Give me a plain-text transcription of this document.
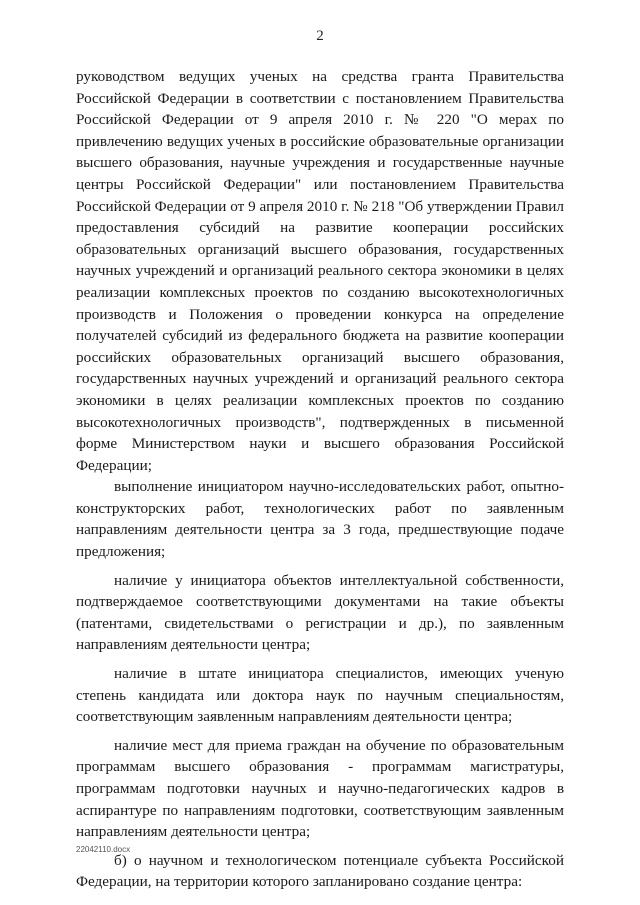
2

руководством ведущих ученых на средства гранта Правительства Российской Федерации в соответствии с постановлением Правительства Российской Федерации от 9 апреля 2010 г. № 220 "О мерах по привлечению ведущих ученых в российские образовательные организации высшего образования, научные учреждения и государственные научные центры Российской Федерации" или постановлением Правительства Российской Федерации от 9 апреля 2010 г. № 218 "Об утверждении Правил предоставления субсидий на развитие кооперации российских образовательных организаций высшего образования, государственных научных учреждений и организаций реального сектора экономики в целях реализации комплексных проектов по созданию высокотехнологичных производств и Положения о проведении конкурса на определение получателей субсидий из федерального бюджета на развитие кооперации российских образовательных организаций высшего образования, государственных научных учреждений и организаций реального сектора экономики в целях реализации комплексных проектов по созданию высокотехнологичных производств", подтвержденных в письменной форме Министерством науки и высшего образования Российской Федерации;

выполнение инициатором научно-исследовательских работ, опытно-конструкторских работ, технологических работ по заявленным направлениям деятельности центра за 3 года, предшествующие подаче предложения;

наличие у инициатора объектов интеллектуальной собственности, подтверждаемое соответствующими документами на такие объекты (патентами, свидетельствами о регистрации и др.), по заявленным направлениям деятельности центра;

наличие в штате инициатора специалистов, имеющих ученую степень кандидата или доктора наук по научным специальностям, соответствующим заявленным направлениям деятельности центра;

наличие мест для приема граждан на обучение по образовательным программам высшего образования - программам магистратуры, программам подготовки научных и научно-педагогических кадров в аспирантуре по направлениям подготовки, соответствующим заявленным направлениям деятельности центра;

б) о научном и технологическом потенциале субъекта Российской Федерации, на территории которого запланировано создание центра:

22042110.docx
